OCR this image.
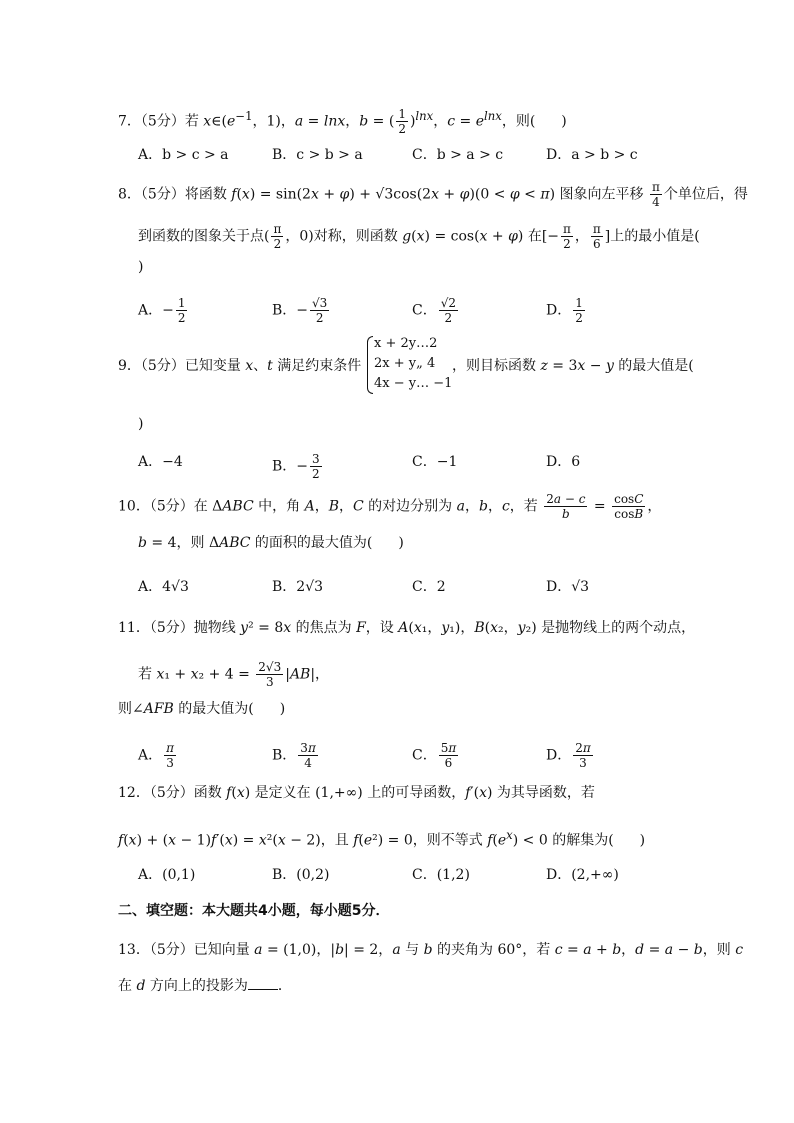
7．（5分）若 $x\in(e^{-1}$，1)，a = lnx，b = ( $\frac{1}{2} )^{lnx}$，$c = e^{lnx}$，则( )
A．b > c > a	B．c > b > a	C．b > a > c	D．a > b > c
8．（5分）将函数 f(x) = sin(2x + φ) + √3cos(2x + φ)(0 < φ < π) 图象向左平移 $\frac{\pi}{4}$ 个单位后，得
到函数的图象关于点( $\frac{\pi}{2}$ ，0)对称，则函数 g(x) = cos(x + φ) 在[− $\frac{\pi}{2}$ ， $\frac{\pi}{6}$ ]上的最小值是(
)
A．− $\frac{1}{2}$	B．− $\frac{√3}{2}$	C． $\frac{√2}{2}$	D． $\frac{1}{2}$
9．（5分）已知变量 x、t 满足约束条件
x + 2y…2
2x + y„ 4
4x − y… −1
，则目标函数 z = 3x − y 的最大值是(
)
A．−4	B．− $\frac{3}{2}$	C．−1	D．6
10．（5分）在 ΔABC 中，角 A，B，C 的对边分别为 a，b，c，若 $\frac{2a - c}{b} = \frac{\cos C}{\cos B}$ ，
b = 4，则 ΔABC 的面积的最大值为( )
A．4√3	B．2√3	C．2	D．√3
11．（5分）抛物线 y² = 8x 的焦点为 F，设 A(x₁，y₁)，B(x₂，y₂) 是抛物线上的两个动点，
若 $x_1 + x_2 + 4 = \frac{2√3}{3} |AB|$，
则∠AFB 的最大值为( )
A． $\frac{\pi}{3}$	B． $\frac{3\pi}{4}$	C． $\frac{5\pi}{6}$	D． $\frac{2\pi}{3}$
12．（5分）函数 f(x) 是定义在 (1,+∞) 上的可导函数，f′(x) 为其导函数，若
f(x) + (x − 1)f′(x) = x²(x − 2)，且 f(e²) = 0，则不等式 $f(e^x) < 0$ 的解集为( )
A．(0,1)	B．(0,2)	C．(1,2)	D．(2,+∞)
二、填空题：本大题共4小题，每小题5分．
13．（5分）已知向量 a = (1,0)，|b| = 2，a 与 b 的夹角为 60°，若 c = a + b，d = a − b，则 c
在 d 方向上的投影为 ．
